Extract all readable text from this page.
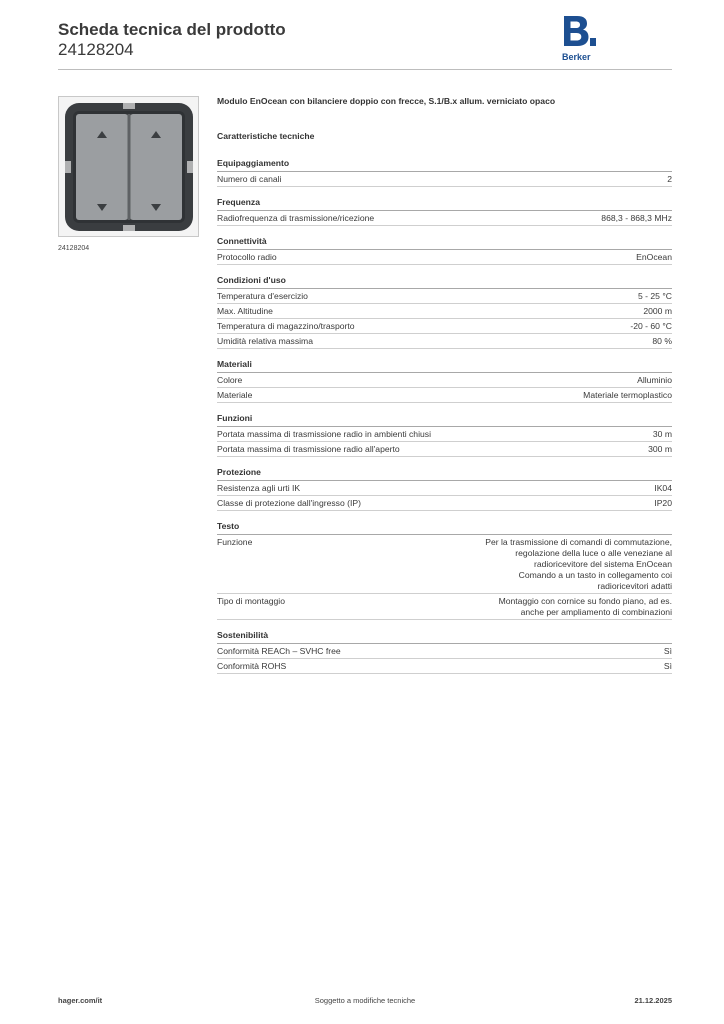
Scheda tecnica del prodotto
24128204	Berker
24128204
Modulo EnOcean con bilanciere doppio con frecce, S.1/B.x allum. verniciato opaco
Caratteristiche tecniche
Equipaggiamento
Numero di canali	2
Frequenza
Radiofrequenza di trasmissione/ricezione	868,3 - 868,3 MHz
Connettività
Protocollo radio	EnOcean
Condizioni d'uso
Temperatura d'esercizio	5 - 25 °C
Max. Altitudine	2000 m
Temperatura di magazzino/trasporto	-20 - 60 °C
Umidità relativa massima	80 %
Materiali
Colore	Alluminio
Materiale	Materiale termoplastico
Funzioni
Portata massima di trasmissione radio in ambienti chiusi	30 m
Portata massima di trasmissione radio all'aperto	300 m
Protezione
Resistenza agli urti IK	IK04
Classe di protezione dall'ingresso (IP)	IP20
Testo
Funzione	Per la trasmissione di comandi di commutazione,
regolazione della luce o alle veneziane al
radioricevitore del sistema EnOcean
Comando a un tasto in collegamento coi
radioricevitori adatti
Tipo di montaggio	Montaggio con cornice su fondo piano, ad es.
anche per ampliamento di combinazioni
Sostenibilità
Conformità REACh – SVHC free	Sì
Conformità ROHS	Sì
hager.com/it	Soggetto a modifiche tecniche	21.12.2025
